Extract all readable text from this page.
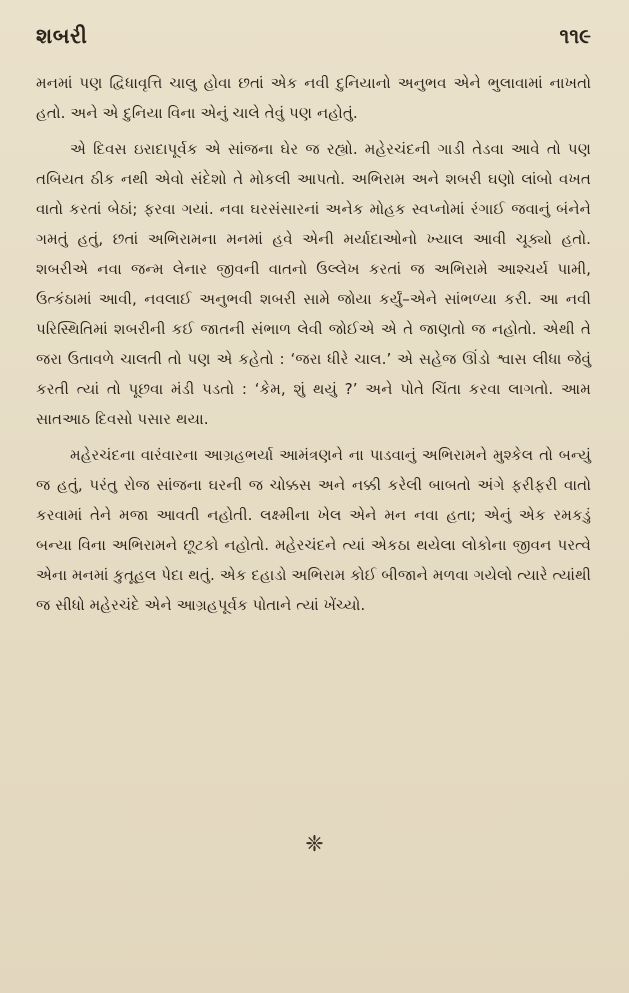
શબરી	૧૧૯

મનમાં પણ દ્વિધાવૃત્તિ ચાલુ હોવા છતાં એક નવી દુનિયાનો અનુભવ એને ભુલાવામાં નાખતો હતો. અને એ દુનિયા વિના એનું ચાલે તેવું પણ નહોતું.

એ દિવસ ઇરાદાપૂર્વક એ સાંજના ઘેર જ રહ્યો. મહેરચંદની ગાડી તેડવા આવે તો પણ તબિયત ઠીક નથી એવો સંદેશો તે મોકલી આપતો. અભિરામ અને શબરી ઘણો લાંબો વખત વાતો કરતાં બેઠાં; ફરવા ગયાં. નવા ઘરસંસારનાં અનેક મોહક સ્વપ્નોમાં રંગાઈ જવાનું બંનેને ગમતું હતું, છતાં અભિરામના મનમાં હવે એની મર્યાદાઓનો ખ્યાલ આવી ચૂક્યો હતો. શબરીએ નવા જન્મ લેનાર જીવની વાતનો ઉલ્લેખ કરતાં જ અભિરામે આશ્ચર્ય પામી, ઉત્કંઠામાં આવી, નવલાઈ અનુભવી શબરી સામે જોયા કર્યું–એને સાંભળ્યા કરી. આ નવી પરિસ્થિતિમાં શબરીની કઈ જાતની સંભાળ લેવી જોઈએ એ તે જાણતો જ નહોતો. એથી તે જરા ઉતાવળે ચાલતી તો પણ એ કહેતો : ‘જરા ધીરે ચાલ.’ એ સહેજ ઊંડો શ્વાસ લીધા જેવું કરતી ત્યાં તો પૂછવા મંડી પડતો : ‘કેમ, શું થયું ?’ અને પોતે ચિંતા કરવા લાગતો. આમ સાતઆઠ દિવસો પસાર થયા.

મહેરચંદના વારંવારના આગ્રહભર્યા આમંત્રણને ના પાડવાનું અભિરામને મુશ્કેલ તો બન્યું જ હતું, પરંતુ રોજ સાંજના ઘરની જ ચોક્કસ અને નક્કી કરેલી બાબતો અંગે ફરીફરી વાતો કરવામાં તેને મજા આવતી નહોતી. લક્ષ્મીના ખેલ એને મન નવા હતા; એનું એક રમકડું બન્યા વિના અભિરામને છૂટકો નહોતો. મહેરચંદને ત્યાં એકઠા થયેલા લોકોના જીવન પરત્વે એના મનમાં કુતૂહલ પેદા થતું. એક દહાડો અભિરામ કોઈ બીજાને મળવા ગયેલો ત્યારે ત્યાંથી જ સીધો મહેરચંદે એને આગ્રહપૂર્વક પોતાને ત્યાં ખેંચ્યો.

❈
